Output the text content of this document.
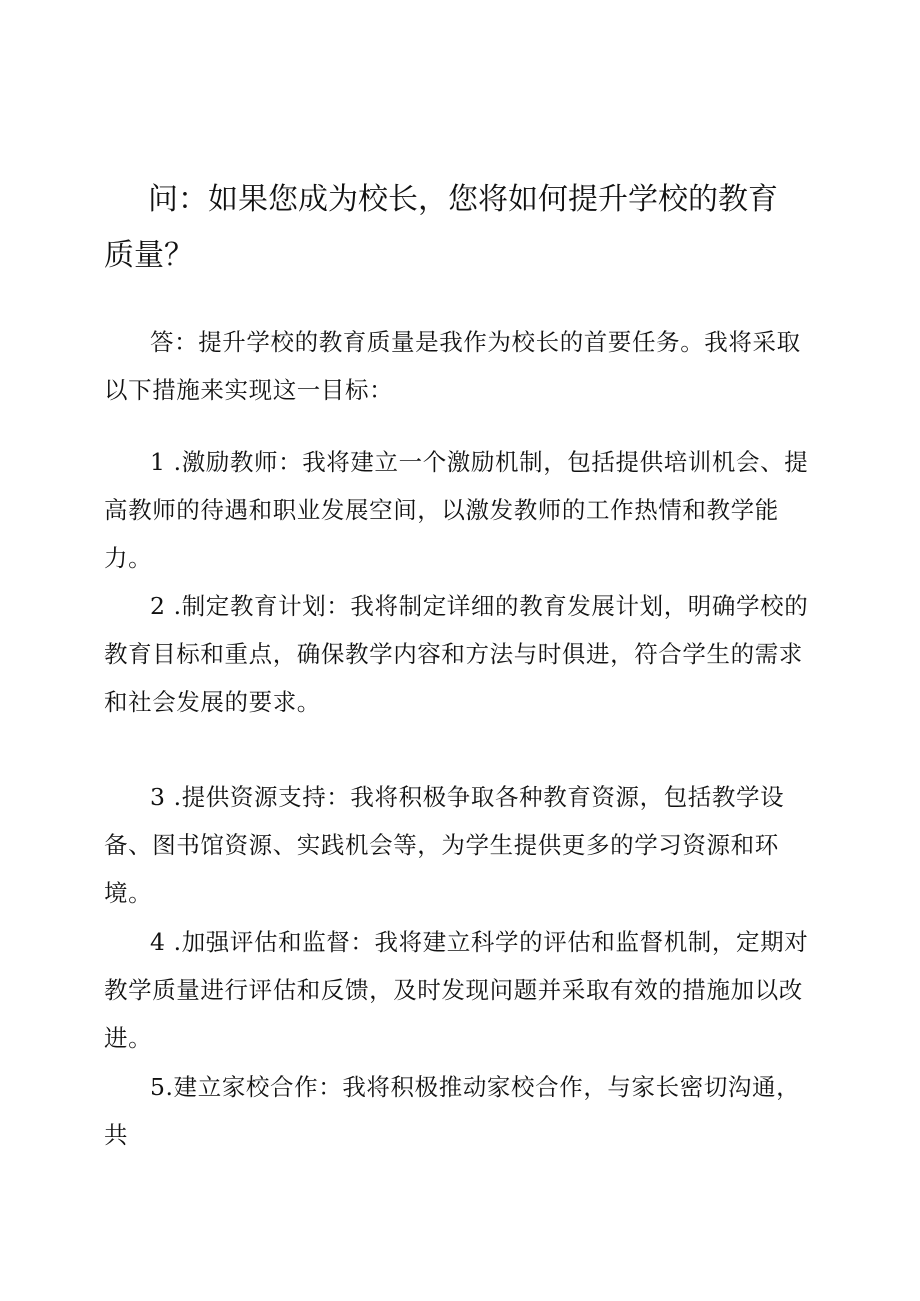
问：如果您成为校长，您将如何提升学校的教育质量？
答：提升学校的教育质量是我作为校长的首要任务。我将采取以下措施来实现这一目标：
1 .激励教师：我将建立一个激励机制，包括提供培训机会、提高教师的待遇和职业发展空间，以激发教师的工作热情和教学能力。
2 .制定教育计划：我将制定详细的教育发展计划，明确学校的教育目标和重点，确保教学内容和方法与时俱进，符合学生的需求和社会发展的要求。
3 .提供资源支持：我将积极争取各种教育资源，包括教学设备、图书馆资源、实践机会等，为学生提供更多的学习资源和环境。
4 .加强评估和监督：我将建立科学的评估和监督机制，定期对教学质量进行评估和反馈，及时发现问题并采取有效的措施加以改进。
5.建立家校合作：我将积极推动家校合作，与家长密切沟通，共
